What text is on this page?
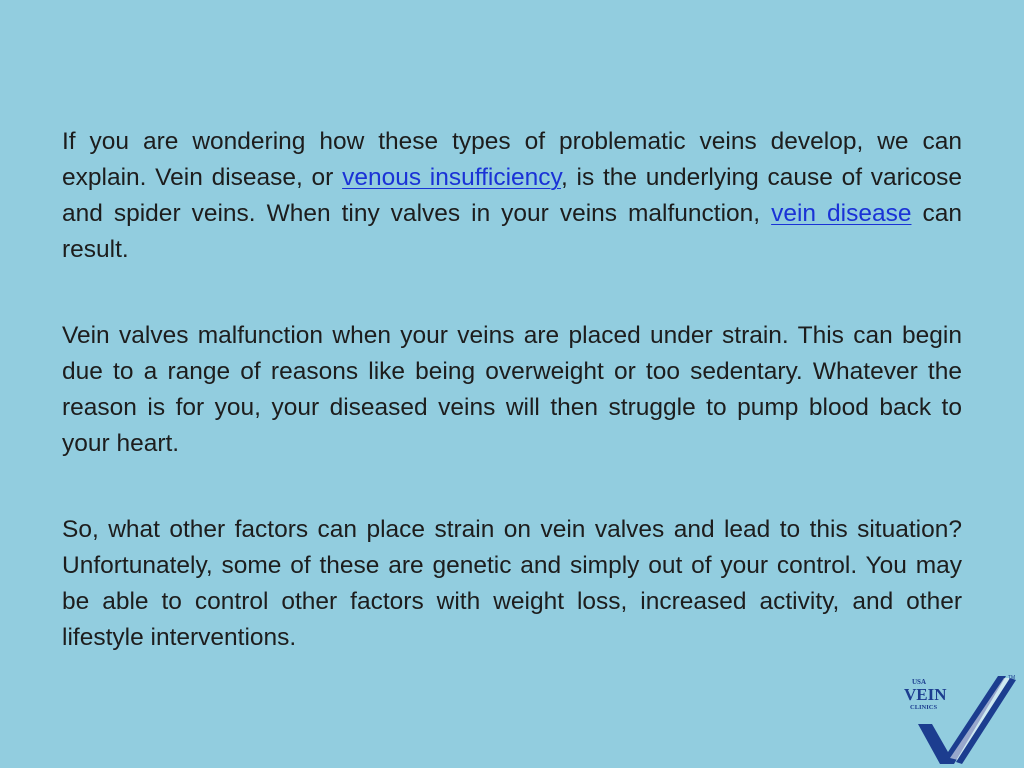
If you are wondering how these types of problematic veins develop, we can explain. Vein disease, or venous insufficiency, is the underlying cause of varicose and spider veins. When tiny valves in your veins malfunction, vein disease can result.

Vein valves malfunction when your veins are placed under strain. This can begin due to a range of reasons like being overweight or too sedentary. Whatever the reason is for you, your diseased veins will then struggle to pump blood back to your heart.

So, what other factors can place strain on vein valves and lead to this situation? Unfortunately, some of these are genetic and simply out of your control. You may be able to control other factors with weight loss, increased activity, and other lifestyle interventions.

USA
VEIN
CLINICS
TM
